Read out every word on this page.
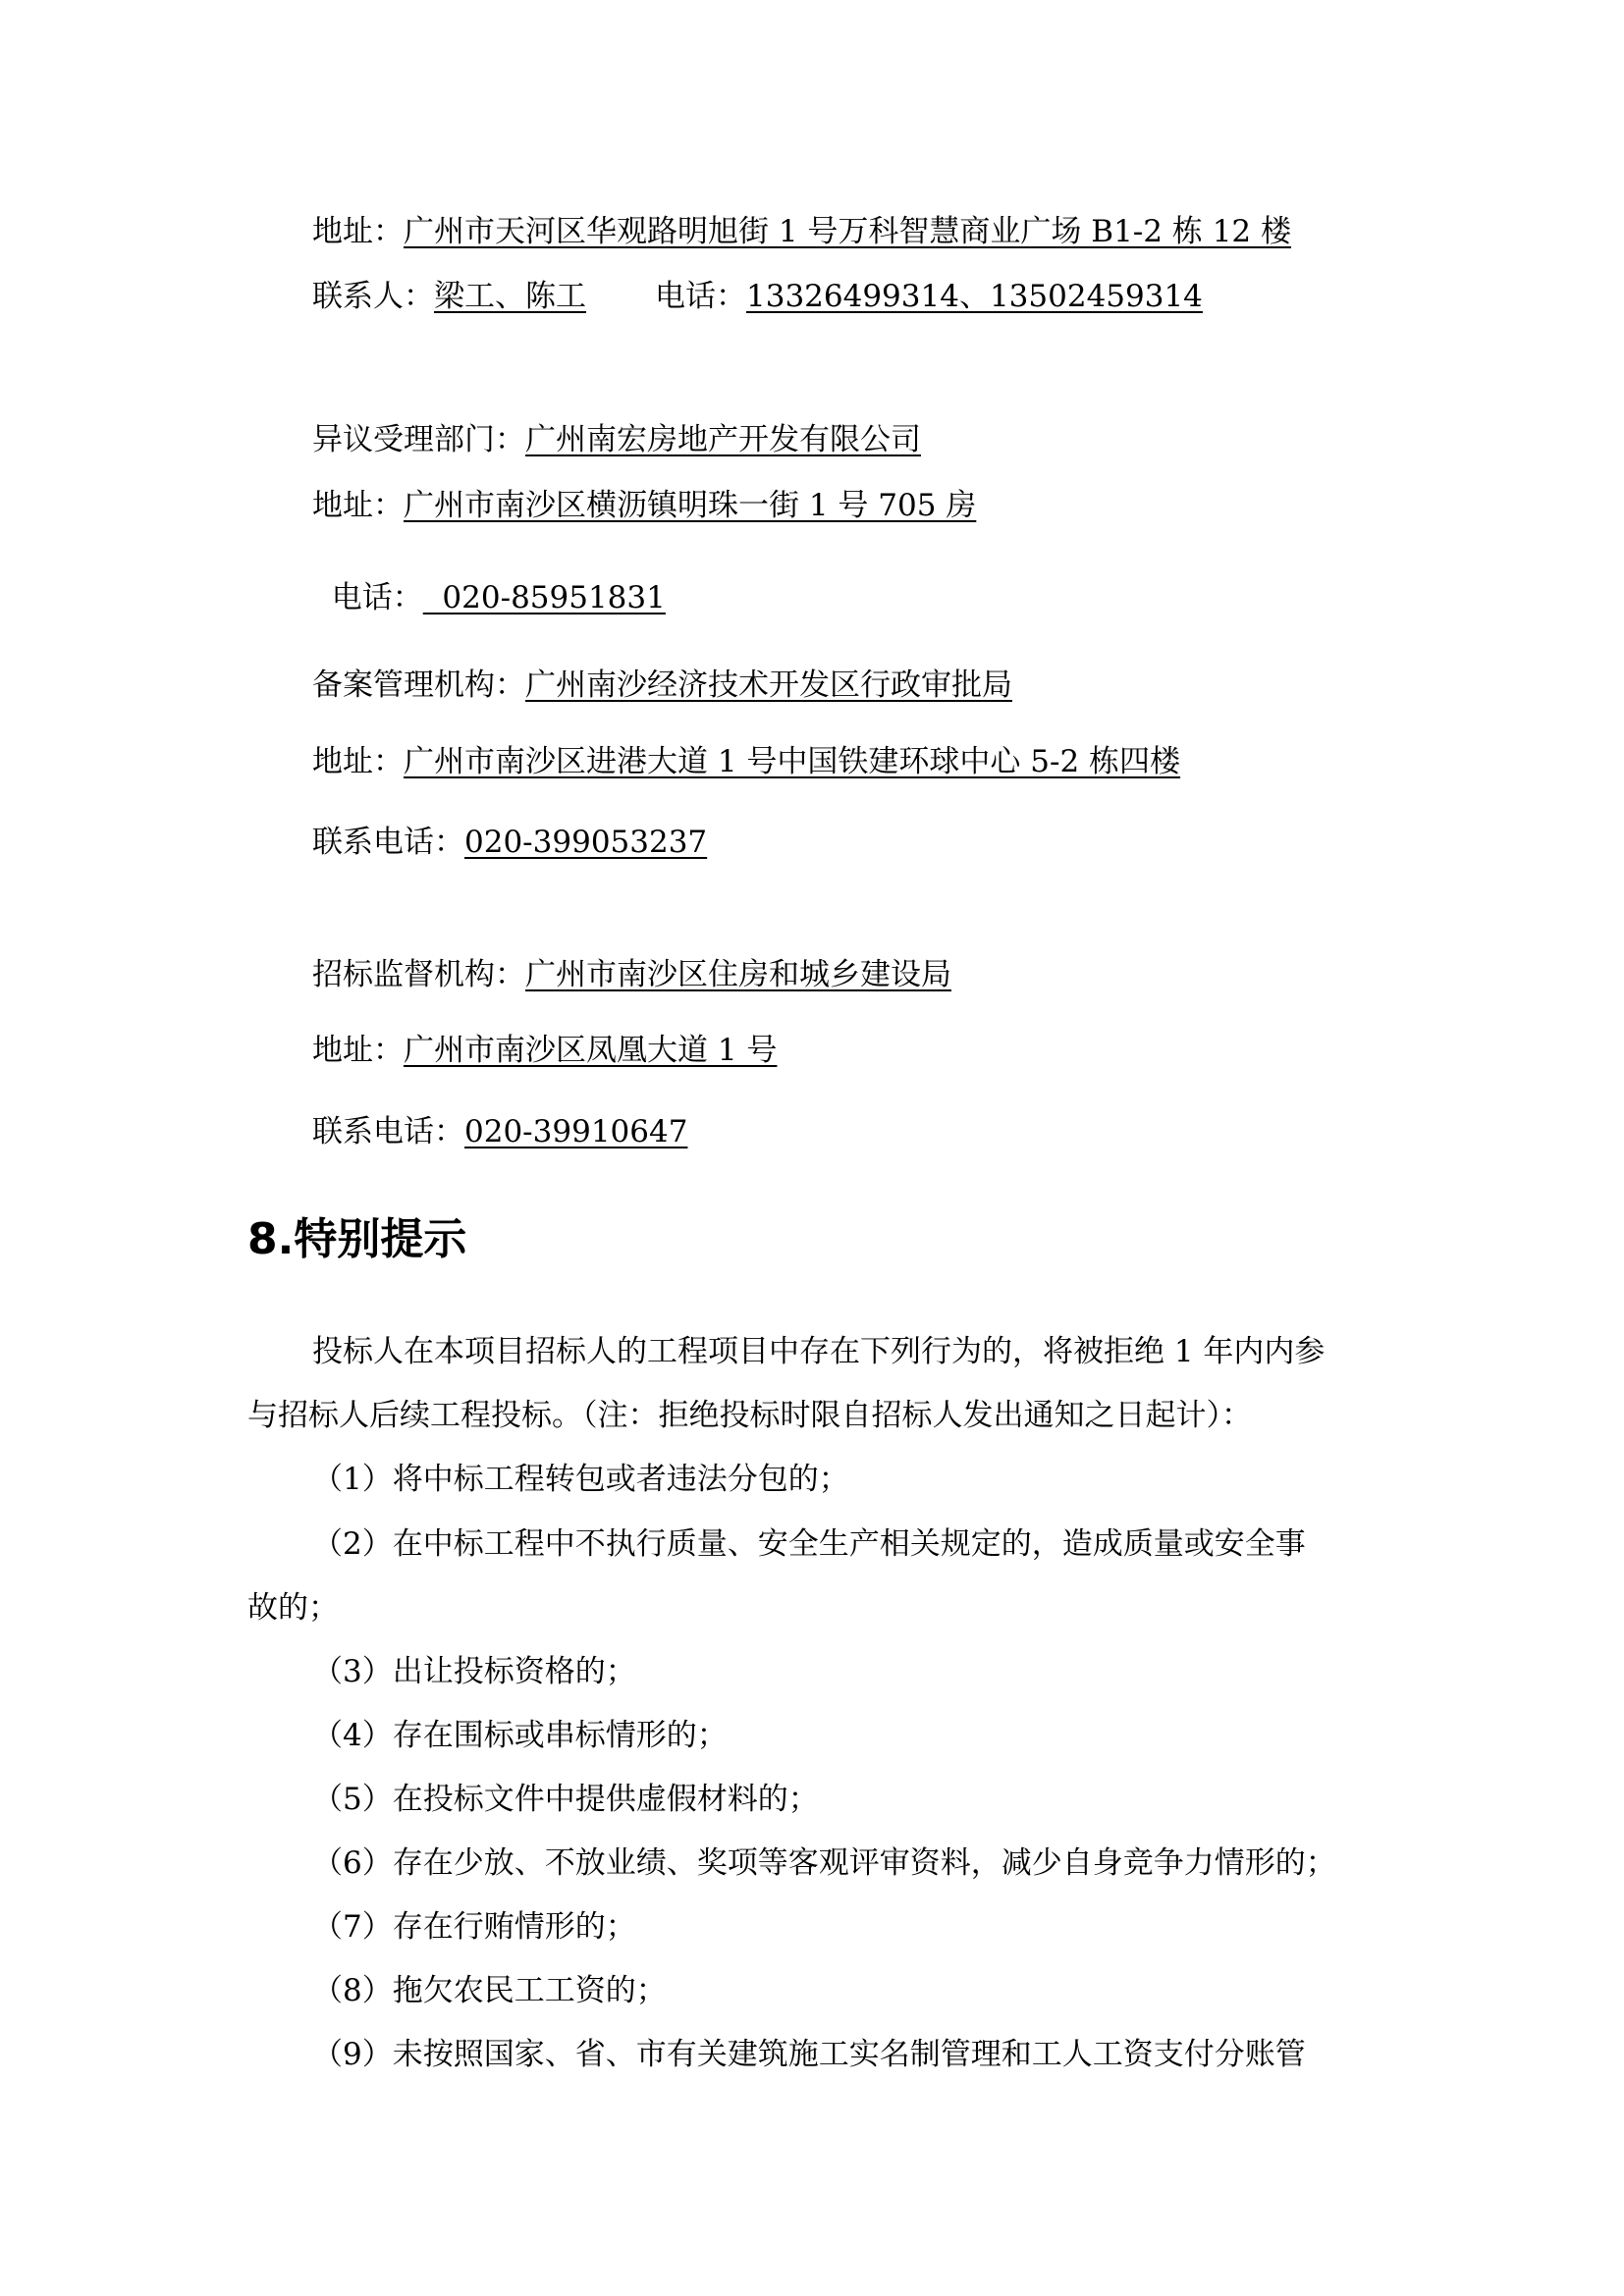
地址：广州市天河区华观路明旭街 1 号万科智慧商业广场 B1-2 栋 12 楼
联系人：梁工、陈工 电话：13326499314、13502459314
异议受理部门：广州南宏房地产开发有限公司
地址：广州市南沙区横沥镇明珠一街 1 号 705 房

电话：  020-85951831

备案管理机构：广州南沙经济技术开发区行政审批局
地址：广州市南沙区进港大道 1 号中国铁建环球中心 5-2 栋四楼
联系电话：020-399053237
招标监督机构：广州市南沙区住房和城乡建设局
地址：广州市南沙区凤凰大道 1 号
联系电话：020-39910647
8.特别提示
投标人在本项目招标人的工程项目中存在下列行为的，将被拒绝 1 年内内参
与招标人后续工程投标。（注：拒绝投标时限自招标人发出通知之日起计）：
（1）将中标工程转包或者违法分包的；
（2）在中标工程中不执行质量、安全生产相关规定的，造成质量或安全事
故的；
（3）出让投标资格的；
（4）存在围标或串标情形的；
（5）在投标文件中提供虚假材料的；
（6）存在少放、不放业绩、奖项等客观评审资料，减少自身竞争力情形的；
（7）存在行贿情形的；
（8）拖欠农民工工资的；
（9）未按照国家、省、市有关建筑施工实名制管理和工人工资支付分账管
